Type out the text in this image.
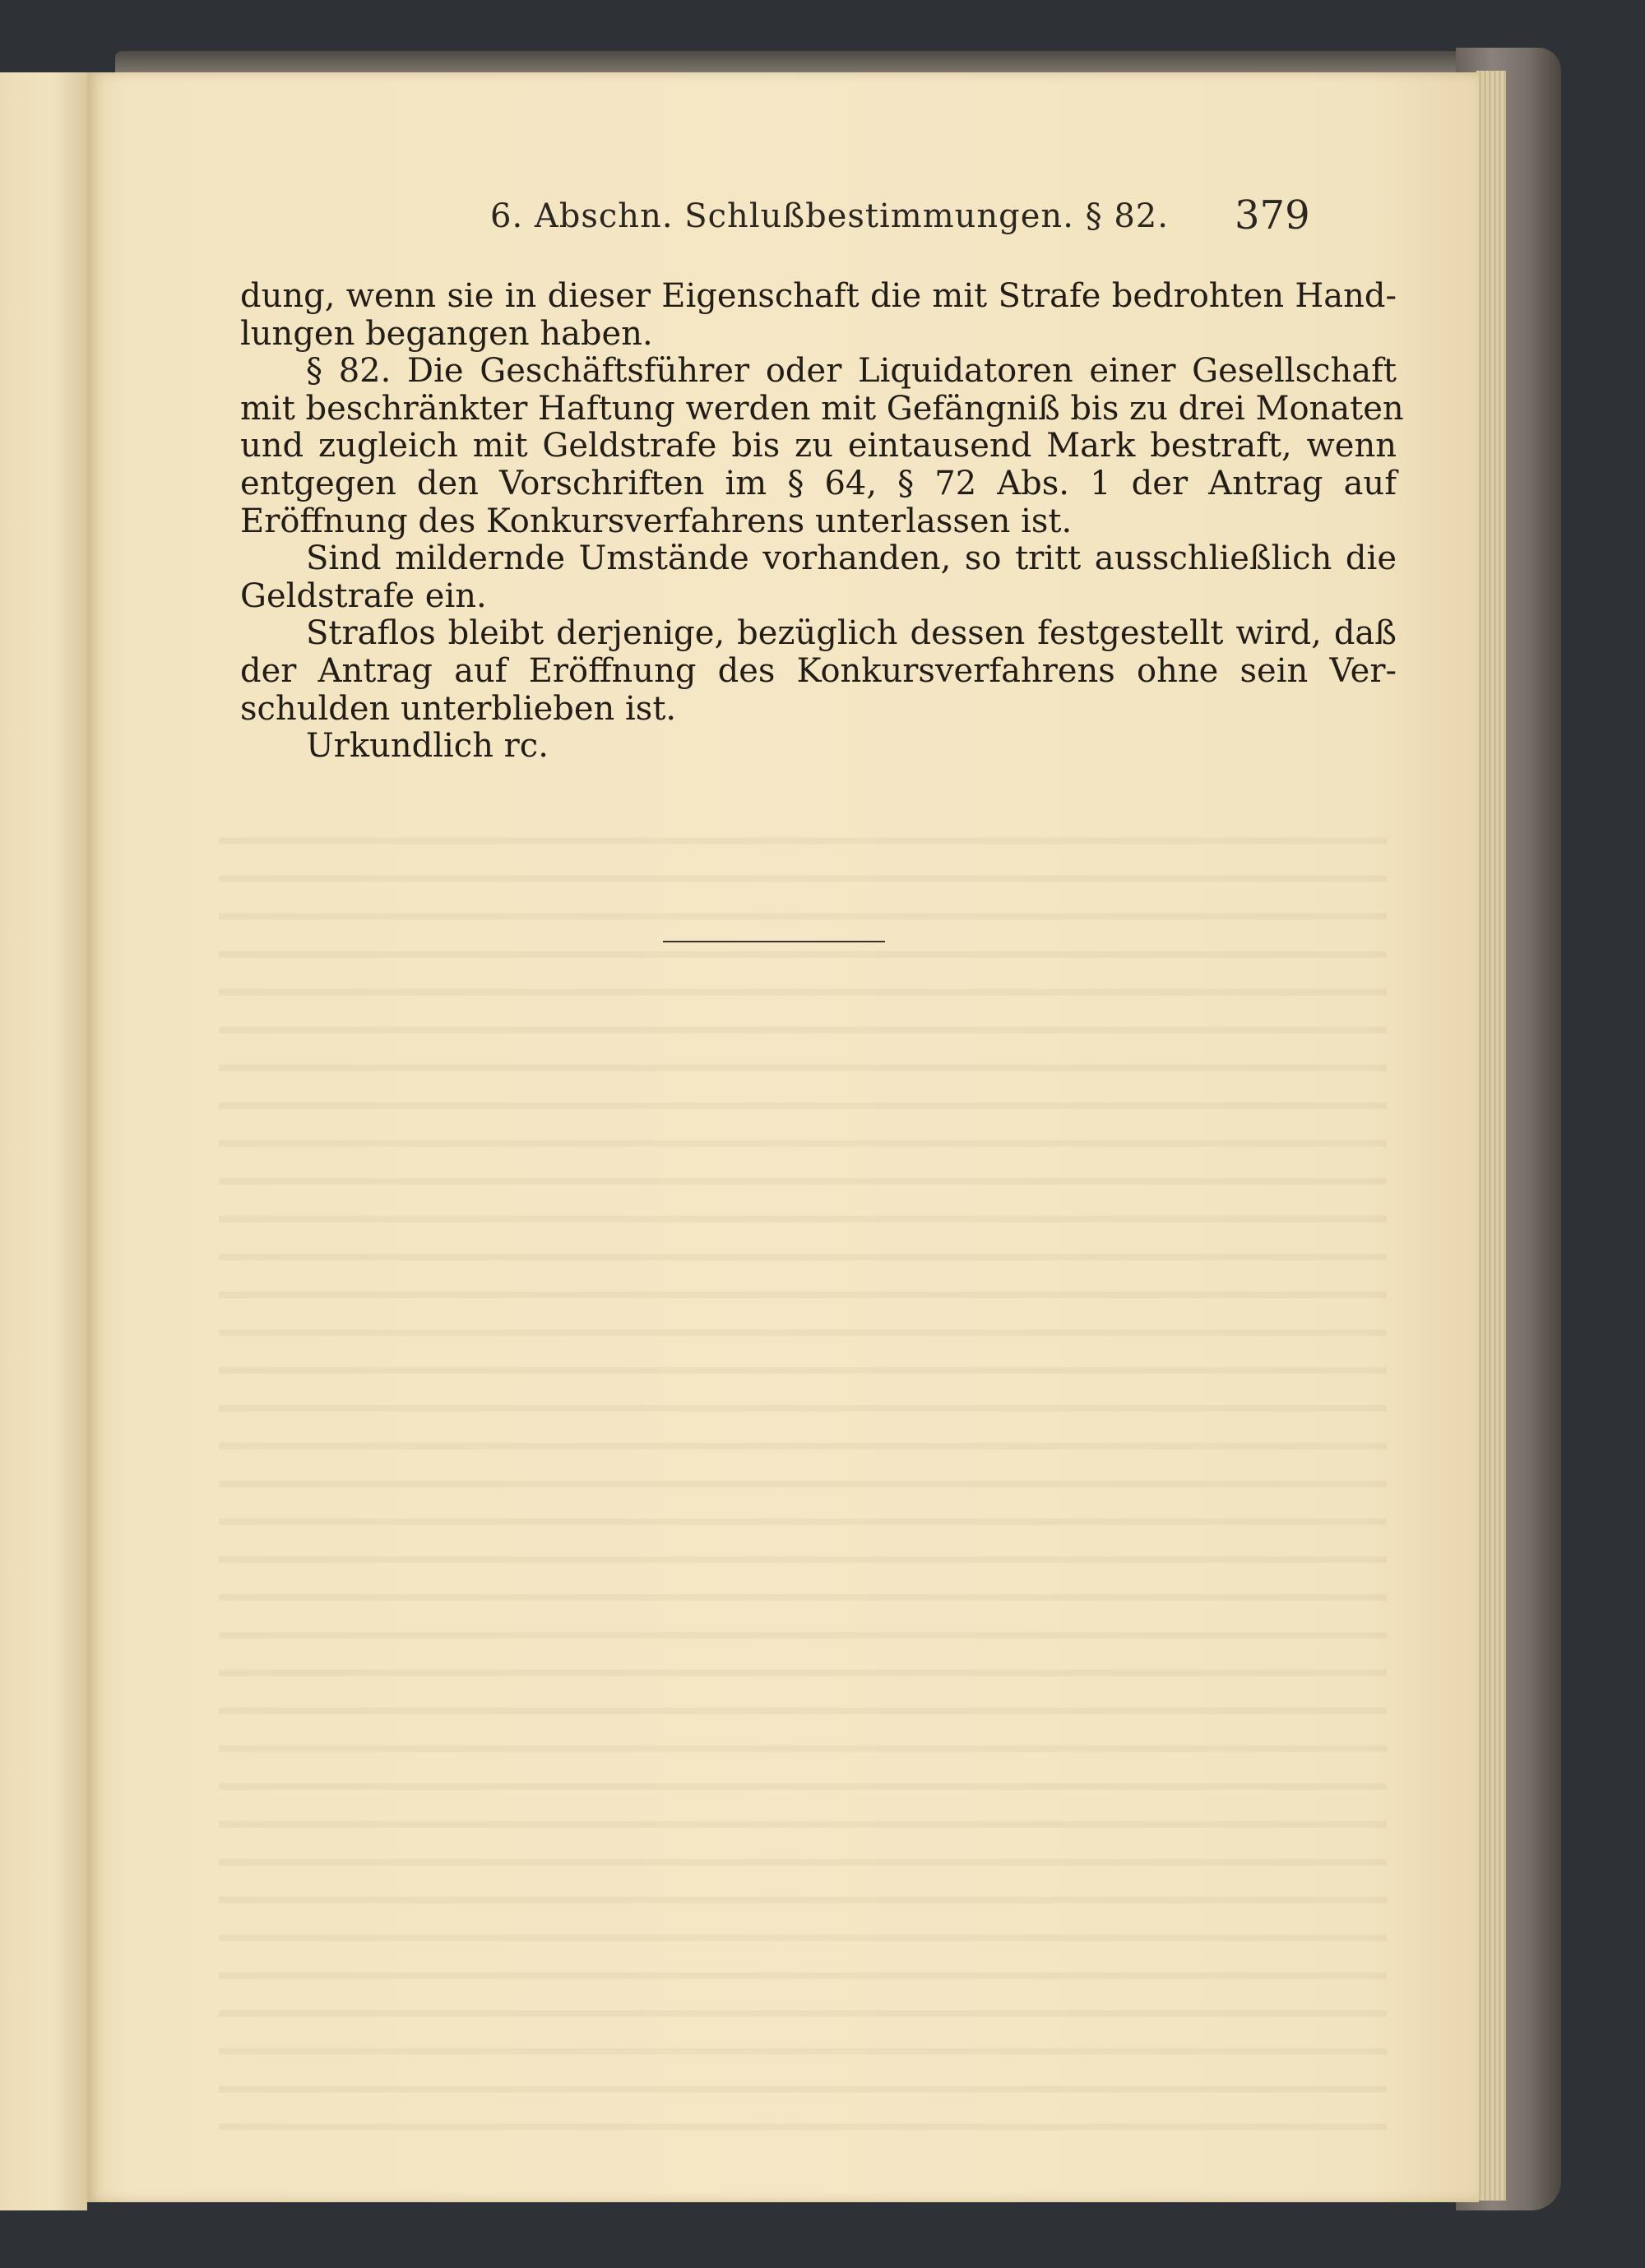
6. Abschn. Schlußbestimmungen. § 82. 379
dung, wenn sie in dieser Eigenschaft die mit Strafe bedrohten Hand-
lungen begangen haben.
§ 82. Die Geschäftsführer oder Liquidatoren einer Gesellschaft
mit beschränkter Haftung werden mit Gefängniß bis zu drei Monaten
und zugleich mit Geldstrafe bis zu eintausend Mark bestraft, wenn
entgegen den Vorschriften im § 64, § 72 Abs. 1 der Antrag auf
Eröffnung des Konkursverfahrens unterlassen ist.
Sind mildernde Umstände vorhanden, so tritt ausschließlich die
Geldstrafe ein.
Straflos bleibt derjenige, bezüglich dessen festgestellt wird, daß
der Antrag auf Eröffnung des Konkursverfahrens ohne sein Ver-
schulden unterblieben ist.
Urkundlich rc.
